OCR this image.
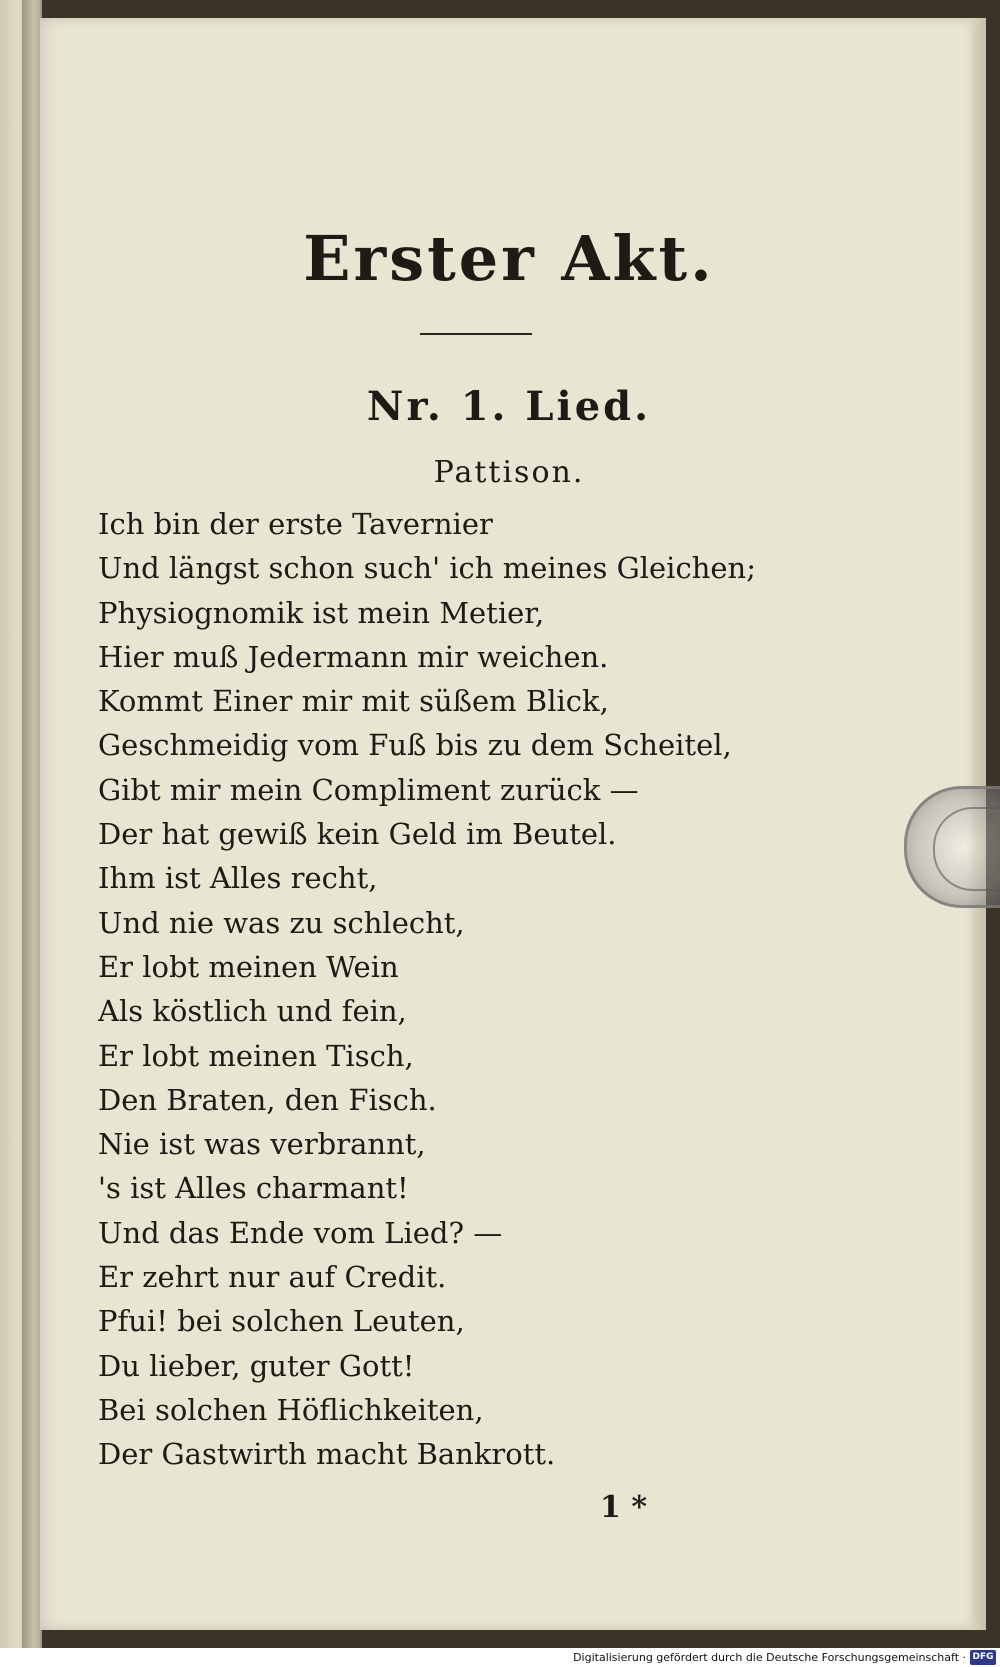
Erster Akt.
Nr. 1. Lied.
Pattison.
Ich bin der erste Tavernier
Und längst schon such' ich meines Gleichen;
Physiognomik ist mein Metier,
Hier muß Jedermann mir weichen.
Kommt Einer mir mit süßem Blick,
Geschmeidig vom Fuß bis zu dem Scheitel,
Gibt mir mein Compliment zurück —
Der hat gewiß kein Geld im Beutel.
Ihm ist Alles recht,
Und nie was zu schlecht,
Er lobt meinen Wein
Als köstlich und fein,
Er lobt meinen Tisch,
Den Braten, den Fisch.
Nie ist was verbrannt,
's ist Alles charmant!
Und das Ende vom Lied? —
Er zehrt nur auf Credit.
Pfui! bei solchen Leuten,
Du lieber, guter Gott!
Bei solchen Höflichkeiten,
Der Gastwirth macht Bankrott.
1 *
Digitalisierung gefördert durch die Deutsche Forschungsgemeinschaft · DFG
